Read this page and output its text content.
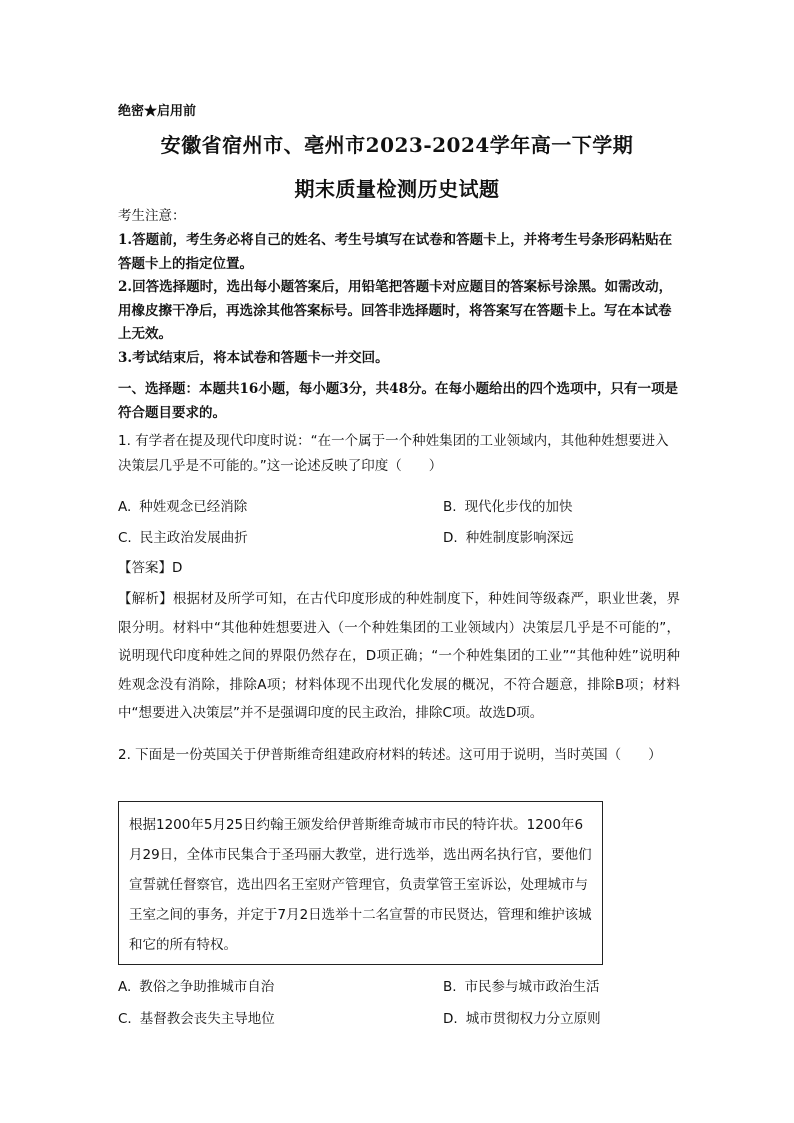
绝密★启用前
安徽省宿州市、亳州市2023-2024学年高一下学期
期末质量检测历史试题
考生注意：

1.答题前，考生务必将自己的姓名、考生号填写在试卷和答题卡上，并将考生号条形码粘贴在答题卡上的指定位置。

2.回答选择题时，选出每小题答案后，用铅笔把答题卡对应题目的答案标号涂黑。如需改动，用橡皮擦干净后，再选涂其他答案标号。回答非选择题时，将答案写在答题卡上。写在本试卷上无效。

3.考试结束后，将本试卷和答题卡一并交回。

一、选择题：本题共16小题，每小题3分，共48分。在每小题给出的四个选项中，只有一项是符合题目要求的。
1. 有学者在提及现代印度时说：“在一个属于一个种姓集团的工业领域内，其他种姓想要进入决策层几乎是不可能的。”这一论述反映了印度（　　）
A. 种姓观念已经消除	B. 现代化步伐的加快
C. 民主政治发展曲折	D. 种姓制度影响深远
【答案】D
【解析】根据材及所学可知，在古代印度形成的种姓制度下，种姓间等级森严，职业世袭，界限分明。材料中“其他种姓想要进入（一个种姓集团的工业领域内）决策层几乎是不可能的”，说明现代印度种姓之间的界限仍然存在，D项正确；“一个种姓集团的工业”“其他种姓”说明种姓观念没有消除，排除A项；材料体现不出现代化发展的概况，不符合题意，排除B项；材料中“想要进入决策层”并不是强调印度的民主政治，排除C项。故选D项。
2. 下面是一份英国关于伊普斯维奇组建政府材料的转述。这可用于说明，当时英国（　　）
根据1200年5月25日约翰王颁发给伊普斯维奇城市市民的特许状。1200年6月29日，全体市民集合于圣玛丽大教堂，进行选举，选出两名执行官，要他们宣誓就任督察官，选出四名王室财产管理官，负责掌管王室诉讼，处理城市与王室之间的事务，并定于7月2日选举十二名宣誓的市民贤达，管理和维护该城和它的所有特权。
A. 教俗之争助推城市自治	B. 市民参与城市政治生活
C. 基督教会丧失主导地位	D. 城市贯彻权力分立原则
